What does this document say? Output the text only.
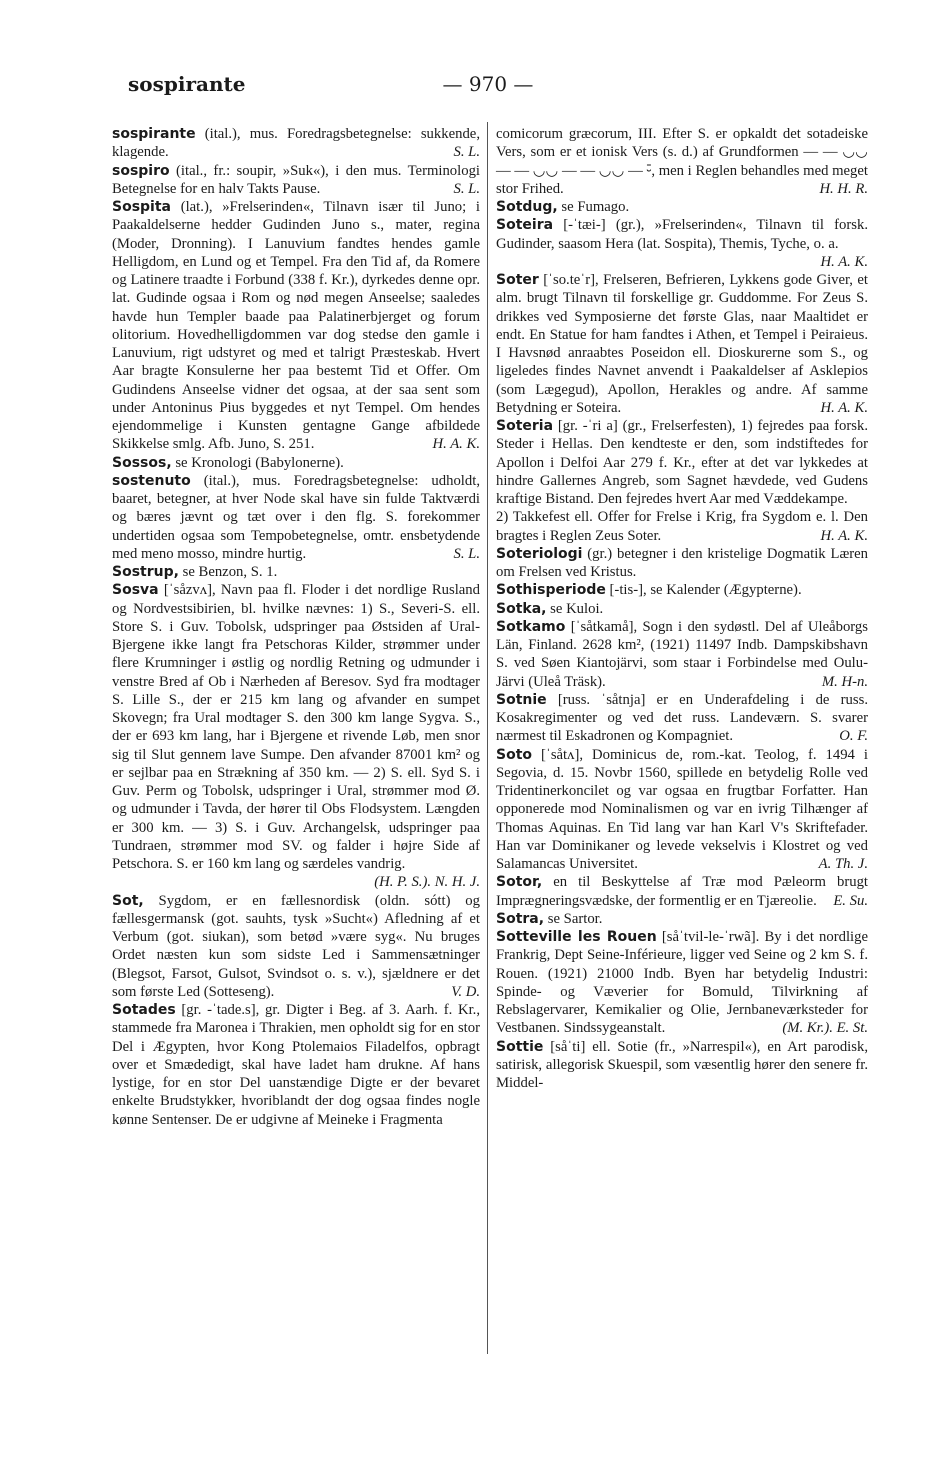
sospirante	— 970 —

sospirante (ital.), mus. Foredragsbetegnelse: sukkende, klagende.	S. L.

sospiro (ital., fr.: soupir, »Suk«), i den mus. Terminologi Betegnelse for en halv Takts Pause.	S. L.

Sospita (lat.), »Frelserinden«, Tilnavn især til Juno; i Paakaldelserne hedder Gudinden Juno s., mater, regina (Moder, Dronning). I Lanuvium fandtes hendes gamle Helligdom, en Lund og et Tempel. Fra den Tid af, da Romere og Latinere traadte i Forbund (338 f. Kr.), dyrkedes denne opr. lat. Gudinde ogsaa i Rom og nød megen Anseelse; saaledes havde hun Templer baade paa Palatinerbjerget og forum olitorium. Hovedhelligdommen var dog stedse den gamle i Lanuvium, rigt udstyret og med et talrigt Præsteskab. Hvert Aar bragte Konsulerne her paa bestemt Tid et Offer. Om Gudindens Anseelse vidner det ogsaa, at der saa sent som under Antoninus Pius byggedes et nyt Tempel. Om hendes ejendommelige i Kunsten gentagne Gange afbildede Skikkelse smlg. Afb. Juno, S. 251.	H. A. K.

Sossos, se Kronologi (Babylonerne).

sostenuto (ital.), mus. Foredragsbetegnelse: udholdt, baaret, betegner, at hver Node skal have sin fulde Taktværdi og bæres jævnt og tæt over i den flg. S. forekommer undertiden ogsaa som Tempobetegnelse, omtr. ensbetydende med meno mosso, mindre hurtig.	S. L.

Sostrup, se Benzon, S. 1.

Sosva [ˈsåzvʌ], Navn paa fl. Floder i det nordlige Rusland og Nordvestsibirien, bl. hvilke nævnes: 1) S., Severi-S. ell. Store S. i Guv. Tobolsk, udspringer paa Østsiden af Ural-Bjergene ikke langt fra Petschoras Kilder, strømmer under flere Krumninger i østlig og nordlig Retning og udmunder i venstre Bred af Ob i Nærheden af Beresov. Syd fra modtager S. Lille S., der er 215 km lang og afvander en sumpet Skovegn; fra Ural modtager S. den 300 km lange Sygva. S., der er 693 km lang, har i Bjergene et rivende Løb, men snor sig til Slut gennem lave Sumpe. Den afvander 87001 km² og er sejlbar paa en Strækning af 350 km. — 2) S. ell. Syd S. i Guv. Perm og Tobolsk, udspringer i Ural, strømmer mod Ø. og udmunder i Tavda, der hører til Obs Flodsystem. Længden er 300 km. — 3) S. i Guv. Archangelsk, udspringer paa Tundraen, strømmer mod SV. og falder i højre Side af Petschora. S. er 160 km lang og særdeles vandrig.
(H. P. S.). N. H. J.

Sot, Sygdom, er en fællesnordisk (oldn. sótt) og fællesgermansk (got. sauhts, tysk »Sucht«) Afledning af et Verbum (got. siukan), som betød »være syg«. Nu bruges Ordet næsten kun som sidste Led i Sammensætninger (Blegsot, Farsot, Gulsot, Svindsot o. s. v.), sjældnere er det som første Led (Sotteseng).	V. D.

Sotades [gr. -ˈtade.s], gr. Digter i Beg. af 3. Aarh. f. Kr., stammede fra Maronea i Thrakien, men opholdt sig for en stor Del i Ægypten, hvor Kong Ptolemaios Filadelfos, opbragt over et Smædedigt, skal have ladet ham drukne. Af hans lystige, for en stor Del uanstændige Digte er der bevaret enkelte Brudstykker, hvoriblandt der dog ogsaa findes nogle kønne Sentenser. De er udgivne af Meineke i Fragmenta

comicorum græcorum, III. Efter S. er opkaldt det sotadeiske Vers, som er et ionisk Vers (s. d.) af Grundformen — — ◡◡ — — ◡◡ — — ◡◡ — ⏑̄, men i Reglen behandles med meget stor Frihed.	H. H. R.

Sotdug, se Fumago.

Soteira [-ˈtæi-] (gr.), »Frelserinden«, Tilnavn til forsk. Gudinder, saasom Hera (lat. Sospita), Themis, Tyche, o. a.
H. A. K.

Soter [ˈso.teˈr], Frelseren, Befrieren, Lykkens gode Giver, et alm. brugt Tilnavn til forskellige gr. Guddomme. For Zeus S. drikkes ved Symposierne det første Glas, naar Maaltidet er endt. En Statue for ham fandtes i Athen, et Tempel i Peiraieus. I Havsnød anraabtes Poseidon ell. Dioskurerne som S., og ligeledes findes Navnet anvendt i Paakaldelser af Asklepios (som Lægegud), Apollon, Herakles og andre. Af samme Betydning er Soteira.	H. A. K.

Soteria [gr. -ˈri a] (gr., Frelserfesten), 1) fejredes paa forsk. Steder i Hellas. Den kendteste er den, som indstiftedes for Apollon i Delfoi Aar 279 f. Kr., efter at det var lykkedes at hindre Gallernes Angreb, som Sagnet hævdede, ved Gudens kraftige Bistand. Den fejredes hvert Aar med Væddekampe.

2) Takkefest ell. Offer for Frelse i Krig, fra Sygdom e. l. Den bragtes i Reglen Zeus Soter.	H. A. K.

Soteriologi (gr.) betegner i den kristelige Dogmatik Læren om Frelsen ved Kristus.

Sothisperiode [-tis-], se Kalender (Ægypterne).

Sotka, se Kuloi.

Sotkamo [ˈsåtkamå], Sogn i den sydøstl. Del af Uleåborgs Län, Finland. 2628 km², (1921) 11497 Indb. Dampskibshavn S. ved Søen Kiantojärvi, som staar i Forbindelse med Oulu-Järvi (Uleå Träsk).	M. H-n.

Sotnie [russ. ˈsåtnja] er en Underafdeling i de russ. Kosakregimenter og ved det russ. Landeværn. S. svarer nærmest til Eskadronen og Kompagniet.	O. F.

Soto [ˈsåtʌ], Dominicus de, rom.-kat. Teolog, f. 1494 i Segovia, d. 15. Novbr 1560, spillede en betydelig Rolle ved Tridentinerkoncilet og var ogsaa en frugtbar Forfatter. Han opponerede mod Nominalismen og var en ivrig Tilhænger af Thomas Aquinas. En Tid lang var han Karl V's Skriftefader. Han var Dominikaner og levede vekselvis i Klostret og ved Salamancas Universitet.	A. Th. J.

Sotor, en til Beskyttelse af Træ mod Pæleorm brugt Imprægneringsvædske, der formentlig er en Tjæreolie. E. Su.

Sotra, se Sartor.

Sotteville les Rouen [såˈtvil-le-ˈrwã]. By i det nordlige Frankrig, Dept Seine-Inférieure, ligger ved Seine og 2 km S. f. Rouen. (1921) 21000 Indb. Byen har betydelig Industri: Spinde- og Væverier for Bomuld, Tilvirkning af Rebslagervarer, Kemikalier og Olie, Jernbaneværksteder for Vestbanen. Sindssygeanstalt.	(M. Kr.). E. St.

Sottie [såˈti] ell. Sotie (fr., »Narrespil«), en Art parodisk, satirisk, allegorisk Skuespil, som væsentlig hører den senere fr. Middel-
